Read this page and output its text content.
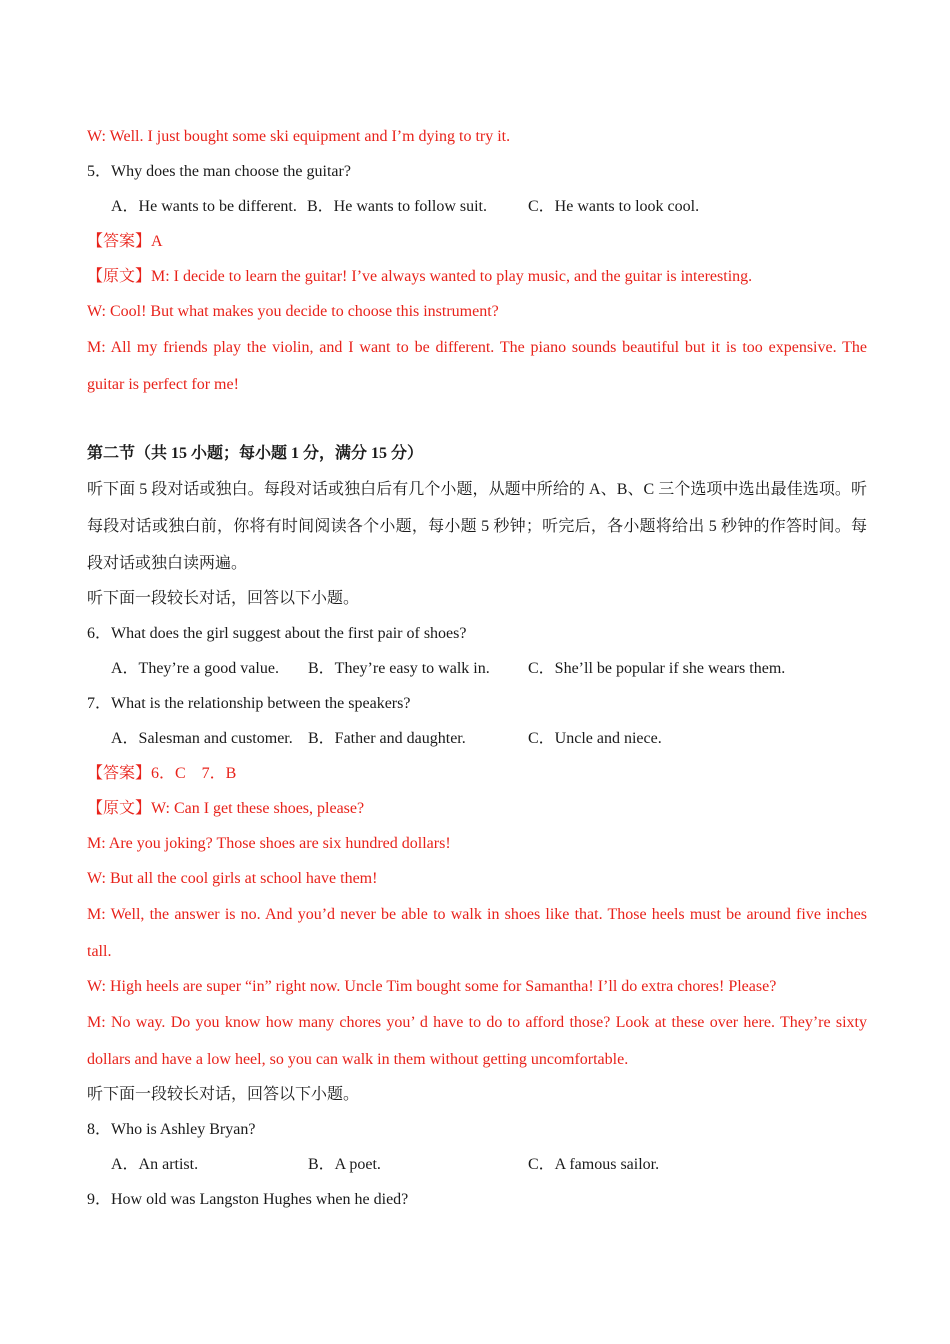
W: Well. I just bought some ski equipment and I’m dying to try it.
5．Why does the man choose the guitar?
A．He wants to be different. B．He wants to follow suit.	C．He wants to look cool.
【答案】A
【原文】M: I decide to learn the guitar! I’ve always wanted to play music, and the guitar is interesting.
W: Cool! But what makes you decide to choose this instrument?
M: All my friends play the violin, and I want to be different. The piano sounds beautiful but it is too expensive. The guitar is perfect for me!
第二节（共 15 小题；每小题 1 分，满分 15 分）
听下面 5 段对话或独白。每段对话或独白后有几个小题，从题中所给的 A、B、C 三个选项中选出最佳选项。听每段对话或独白前，你将有时间阅读各个小题，每小题 5 秒钟；听完后，各小题将给出 5 秒钟的作答时间。每段对话或独白读两遍。
听下面一段较长对话，回答以下小题。
6．What does the girl suggest about the first pair of shoes?
A．They’re a good value. B．They’re easy to walk in. C．She’ll be popular if she wears them.
7．What is the relationship between the speakers?
A．Salesman and customer. B．Father and daughter.	C．Uncle and niece.
【答案】6．C　7．B
【原文】W: Can I get these shoes, please?
M: Are you joking? Those shoes are six hundred dollars!
W: But all the cool girls at school have them!
M: Well, the answer is no. And you’d never be able to walk in shoes like that. Those heels must be around five inches tall.
W: High heels are super “in” right now. Uncle Tim bought some for Samantha! I’ll do extra chores! Please?
M: No way. Do you know how many chores you’ d have to do to afford those? Look at these over here. They’re sixty dollars and have a low heel, so you can walk in them without getting uncomfortable.
听下面一段较长对话，回答以下小题。
8．Who is Ashley Bryan?
A．An artist.	B．A poet.	C．A famous sailor.
9．How old was Langston Hughes when he died?
